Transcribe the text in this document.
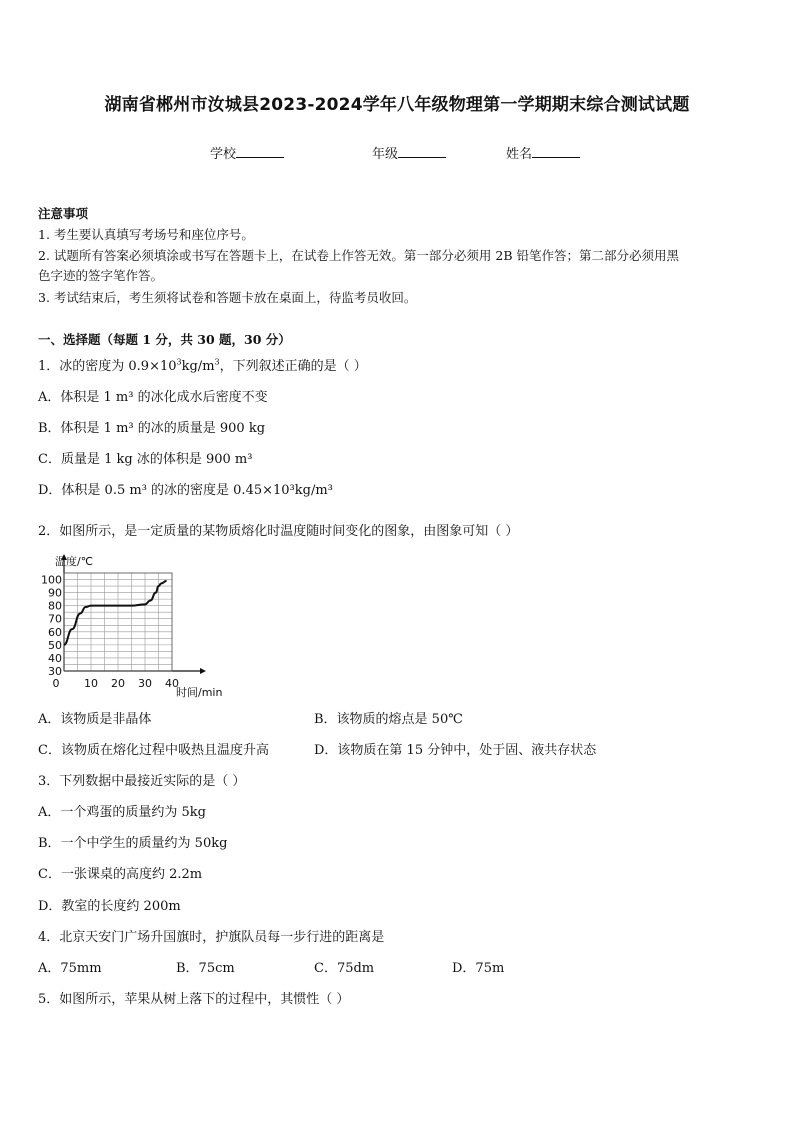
湖南省郴州市汝城县2023-2024学年八年级物理第一学期期末综合测试试题
学校	年级	姓名
注意事项
1. 考生要认真填写考场号和座位序号。
2. 试题所有答案必须填涂或书写在答题卡上，在试卷上作答无效。第一部分必须用 2B 铅笔作答；第二部分必须用黑
色字迹的签字笔作答。
3. 考试结束后，考生须将试卷和答题卡放在桌面上，待监考员收回。
一、选择题（每题 1 分，共 30 题，30 分）
1．冰的密度为 $0.9\times 10^3kg/m^3$，下列叙述正确的是（ ）
A．体积是 1 m³ 的冰化成水后密度不变
B．体积是 1 m³ 的冰的质量是 900 kg
C．质量是 1 kg 冰的体积是 900 m³
D．体积是 0.5 m³ 的冰的密度是 0.45×10³kg/m³
2．如图所示，是一定质量的某物质熔化时温度随时间变化的图象，由图象可知（ ）
30
40
50
60
70
80
90
100
0 10 20 30 40
温度/℃
时间/min
A．该物质是非晶体	B．该物质的熔点是 50℃
C．该物质在熔化过程中吸热且温度升高	D．该物质在第 15 分钟中，处于固、液共存状态
3．下列数据中最接近实际的是（ ）
A．一个鸡蛋的质量约为 5kg
B．一个中学生的质量约为 50kg
C．一张课桌的高度约 2.2m
D．教室的长度约 200m
4．北京天安门广场升国旗时，护旗队员每一步行进的距离是
A．75mm	B．75cm	C．75dm	D．75m
5．如图所示，苹果从树上落下的过程中，其惯性（ ）
